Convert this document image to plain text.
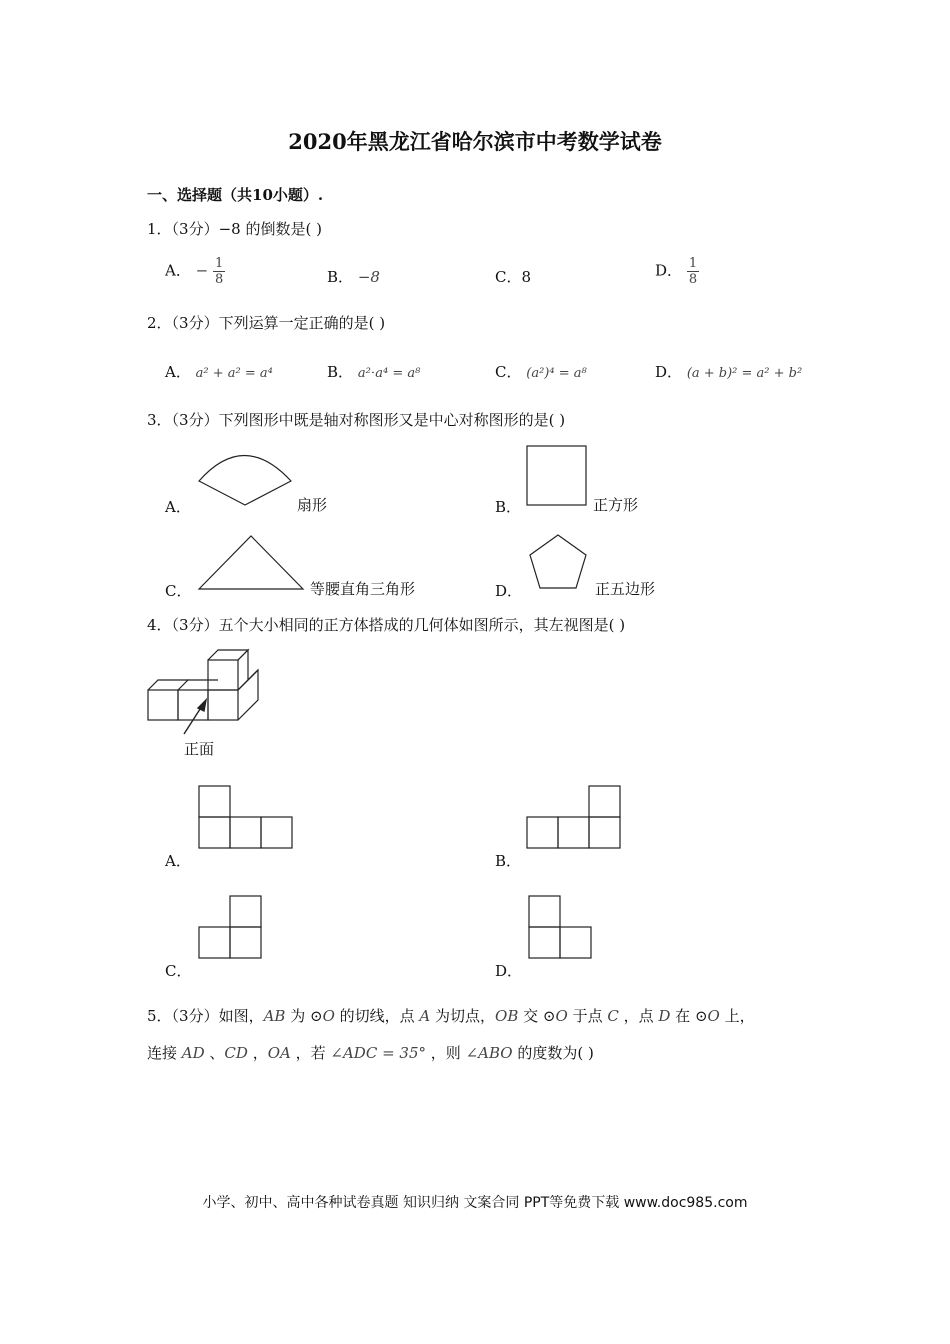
2020年黑龙江省哈尔滨市中考数学试卷
一、选择题（共10小题）.
1．（3分）−8 的倒数是( )
A． − $\frac{1}{8}$	B． −8	C．8	D． $\frac{1}{8}$
2．（3分）下列运算一定正确的是( )
A． a² + a² = a⁴	B． a²⋅a⁴ = a⁸	C． (a²)⁴ = a⁸	D． (a + b)² = a² + b²
3．（3分）下列图形中既是轴对称图形又是中心对称图形的是( )
A．	扇形	B．	正方形
C．	等腰直角三角形	D．	正五边形
4．（3分）五个大小相同的正方体搭成的几何体如图所示，其左视图是( )
正面
A．	B．
C．	D．
5．（3分）如图，AB 为 ⊙O 的切线，点 A 为切点，OB 交 ⊙O 于点 C ，点 D 在 ⊙O 上，
连接 AD 、CD ，OA ，若 ∠ADC = 35° ，则 ∠ABO 的度数为( )
小学、初中、高中各种试卷真题 知识归纳 文案合同 PPT等免费下载 www.doc985.com
